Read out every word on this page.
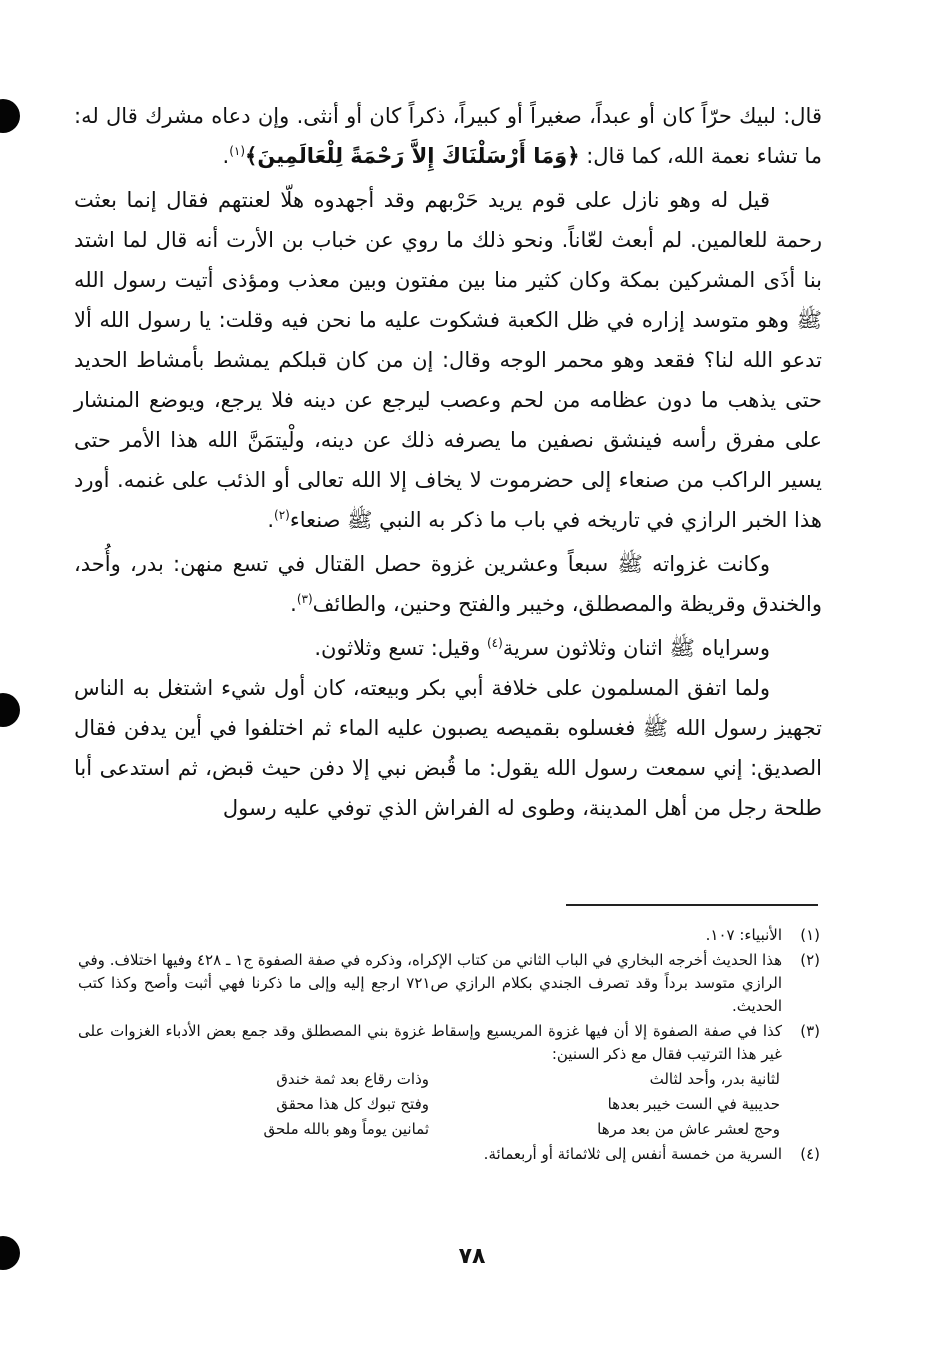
قال: لبيك حرّاً كان أو عبداً، صغيراً أو كبيراً، ذكراً كان أو أنثى. وإن دعاه مشرك قال له: ما تشاء نعمة الله، كما قال: ﴿وَمَا أَرْسَلْنَاكَ إِلاَّ رَحْمَةً لِلْعَالَمِينَ﴾$^{(١)}$.

قيل له وهو نازل على قوم يريد حَرْبهم وقد أجهدوه هلّا لعنتهم فقال إنما بعثت رحمة للعالمين. لم أبعث لعّاناً. ونحو ذلك ما روي عن خباب بن الأرت أنه قال لما اشتد بنا أذَى المشركين بمكة وكان كثير منا بين مفتون وبين معذب ومؤذى أتيت رسول الله ﷺ وهو متوسد إزاره في ظل الكعبة فشكوت عليه ما نحن فيه وقلت: يا رسول الله ألا تدعو الله لنا؟ فقعد وهو محمر الوجه وقال: إن من كان قبلكم يمشط بأمشاط الحديد حتى يذهب ما دون عظامه من لحم وعصب ليرجع عن دينه فلا يرجع، ويوضع المنشار على مفرق رأسه فينشق نصفين ما يصرفه ذلك عن دينه، ولْيتمَنَّ الله هذا الأمر حتى يسير الراكب من صنعاء إلى حضرموت لا يخاف إلا الله تعالى أو الذئب على غنمه. أورد هذا الخبر الرازي في تاريخه في باب ما ذكر به النبي ﷺ صنعاء$^{(٢)}$.

وكانت غزواته ﷺ سبعاً وعشرين غزوة حصل القتال في تسع منهن: بدر، وأُحد، والخندق وقريظة والمصطلق، وخيبر والفتح وحنين، والطائف$^{(٣)}$.

وسراياه ﷺ اثنان وثلاثون سرية$^{(٤)}$ وقيل: تسع وثلاثون.

ولما اتفق المسلمون على خلافة أبي بكر وبيعته، كان أول شيء اشتغل به الناس تجهيز رسول الله ﷺ فغسلوه بقميصه يصبون عليه الماء ثم اختلفوا في أين يدفن فقال الصديق: إني سمعت رسول الله يقول: ما قُبض نبي إلا دفن حيث قبض، ثم استدعى أبا طلحة رجل من أهل المدينة، وطوى له الفراش الذي توفي عليه رسول

(١)
الأنبياء: ١٠٧.
(٢)
هذا الحديث أخرجه البخاري في الباب الثاني من كتاب الإكراه، وذكره في صفة الصفوة ج١ ـ ٤٢٨ وفيها اختلاف. وفي الرازي متوسد برداً وقد تصرف الجندي بكلام الرازي ص٧٢١ ارجع إليه وإلى ما ذكرنا فهي أثبت وأصح وكذا كتب الحديث.
(٣)
كذا في صفة الصفوة إلا أن فيها غزوة المريسيع وإسقاط غزوة بني المصطلق وقد جمع بعض الأدباء الغزوات على غير هذا الترتيب فقال مع ذكر السنين:
لثانية بدر، وأحد لثالث
وذات رقاع بعد ثمة خندق
حديبية في الست خيبر بعدها
وفتح تبوك كل هذا محقق
وحج لعشر عاش من بعد مرها
ثمانين يوماً وهو بالله ملحق
(٤)
السرية من خمسة أنفس إلى ثلاثمائة أو أربعمائة.
٧٨
